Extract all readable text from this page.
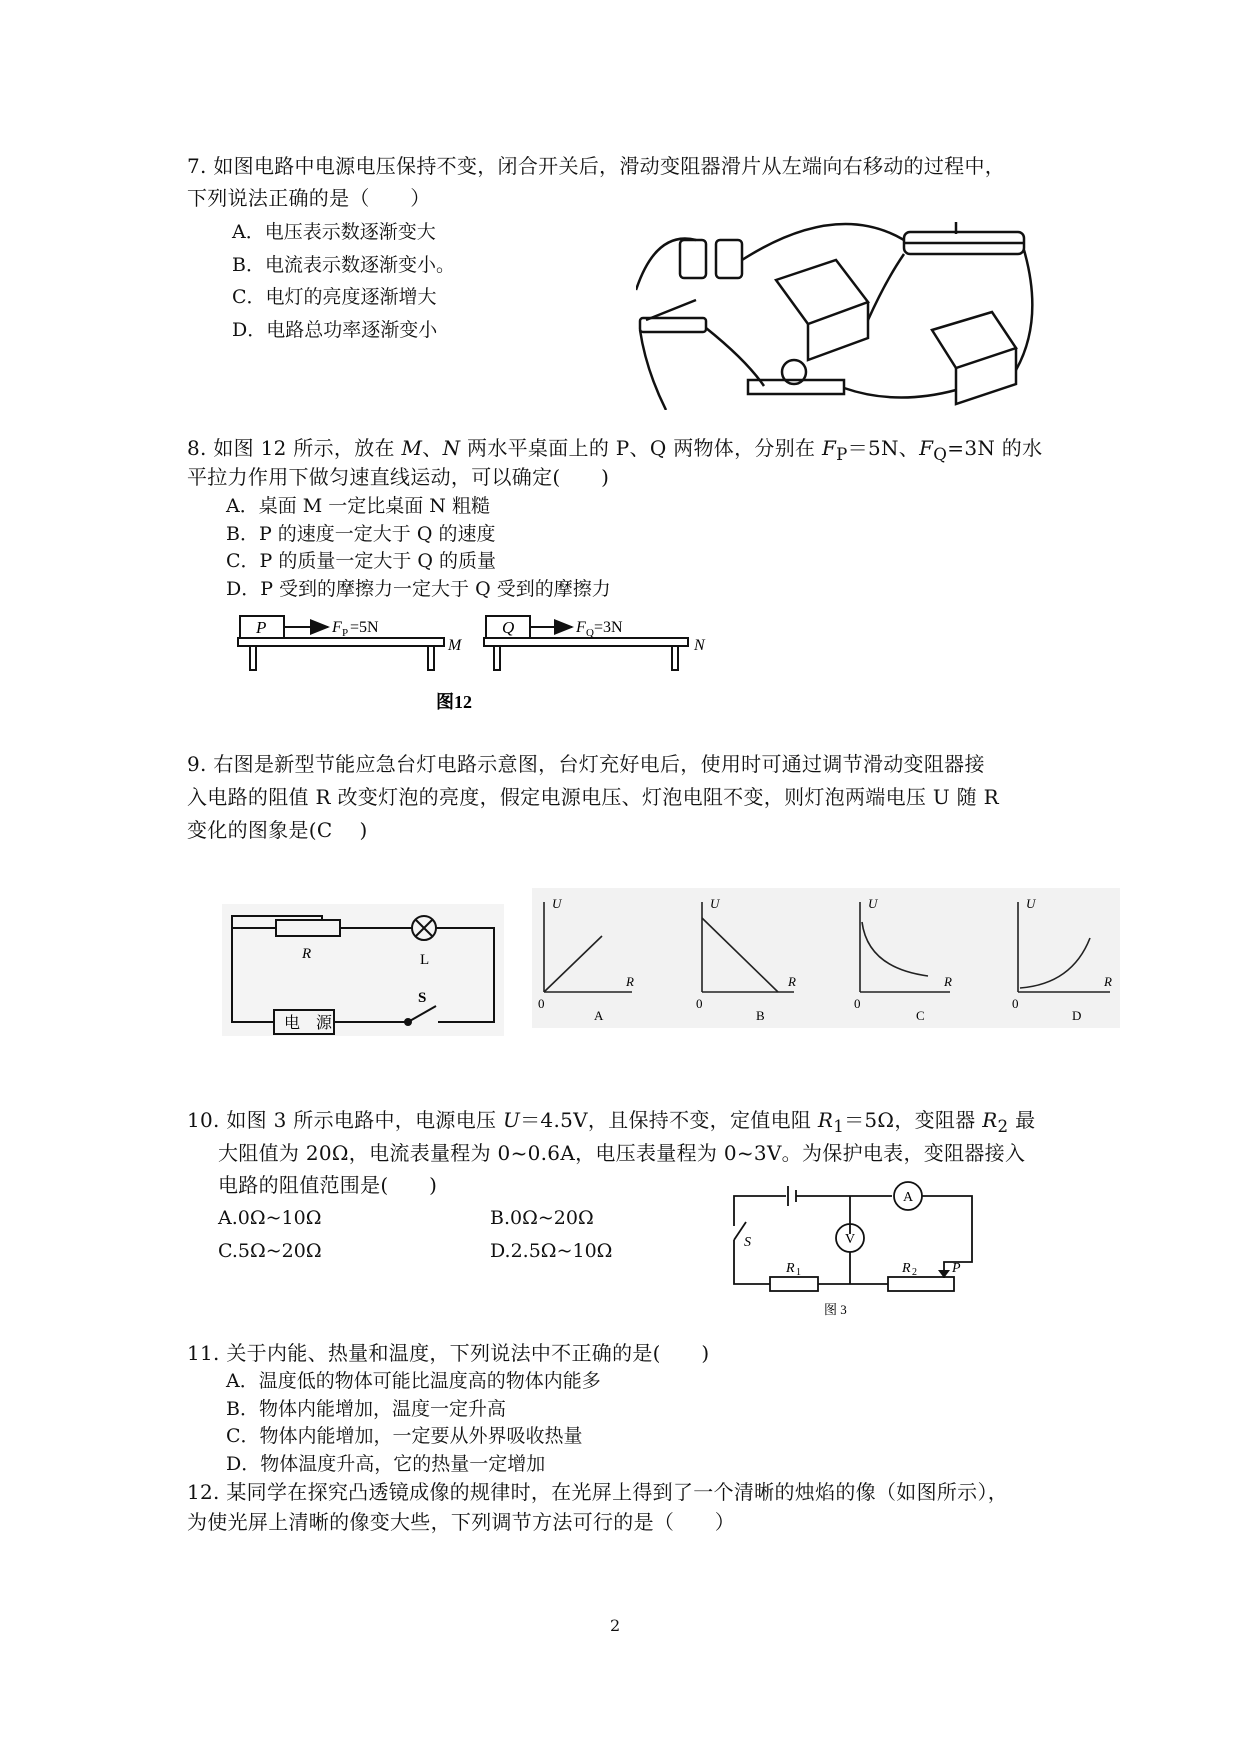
7. 如图电路中电源电压保持不变，闭合开关后，滑动变阻器滑片从左端向右移动的过程中，
下列说法正确的是（　　）
A．电压表示数逐渐变大
B．电流表示数逐渐变小。
C．电灯的亮度逐渐增大
D．电路总功率逐渐变小
8. 如图 12 所示，放在 M、N 两水平桌面上的 P、Q 两物体，分别在 $F_P=5N$、$F_Q=3N$ 的水
平拉力作用下做匀速直线运动，可以确定(　　)
A．桌面 M 一定比桌面 N 粗糙
B．P 的速度一定大于 Q 的速度
C．P 的质量一定大于 Q 的质量
D．P 受到的摩擦力一定大于 Q 受到的摩擦力
P	Q
F P =5N	F Q =3N
M	N
图12
9. 右图是新型节能应急台灯电路示意图，台灯充好电后，使用时可通过调节滑动变阻器接
入电路的阻值 R 改变灯泡的亮度，假定电源电压、灯泡电阻不变，则灯泡两端电压 U 随 R
变化的图象是(C　 )
R	L
S
电　源
U
R
U
R
U
R
U
R
0	0	0	0
A	B	C	D
10. 如图 3 所示电路中，电源电压 U＝4.5V，且保持不变，定值电阻 $R_1=5\Omega$，变阻器 $R_2$ 最
大阻值为 20Ω，电流表量程为 0~0.6A，电压表量程为 0~3V。为保护电表，变阻器接入
电路的阻值范围是(　　)
A.0Ω~10Ω	B.0Ω~20Ω
C.5Ω~20Ω	D.2.5Ω~10Ω
A
V
S
R 1	R 2	P
图 3
11. 关于内能、热量和温度，下列说法中不正确的是(　　)
A．温度低的物体可能比温度高的物体内能多
B．物体内能增加，温度一定升高
C．物体内能增加，一定要从外界吸收热量
D．物体温度升高，它的热量一定增加
12. 某同学在探究凸透镜成像的规律时，在光屏上得到了一个清晰的烛焰的像（如图所示），
为使光屏上清晰的像变大些，下列调节方法可行的是（　　）
2
